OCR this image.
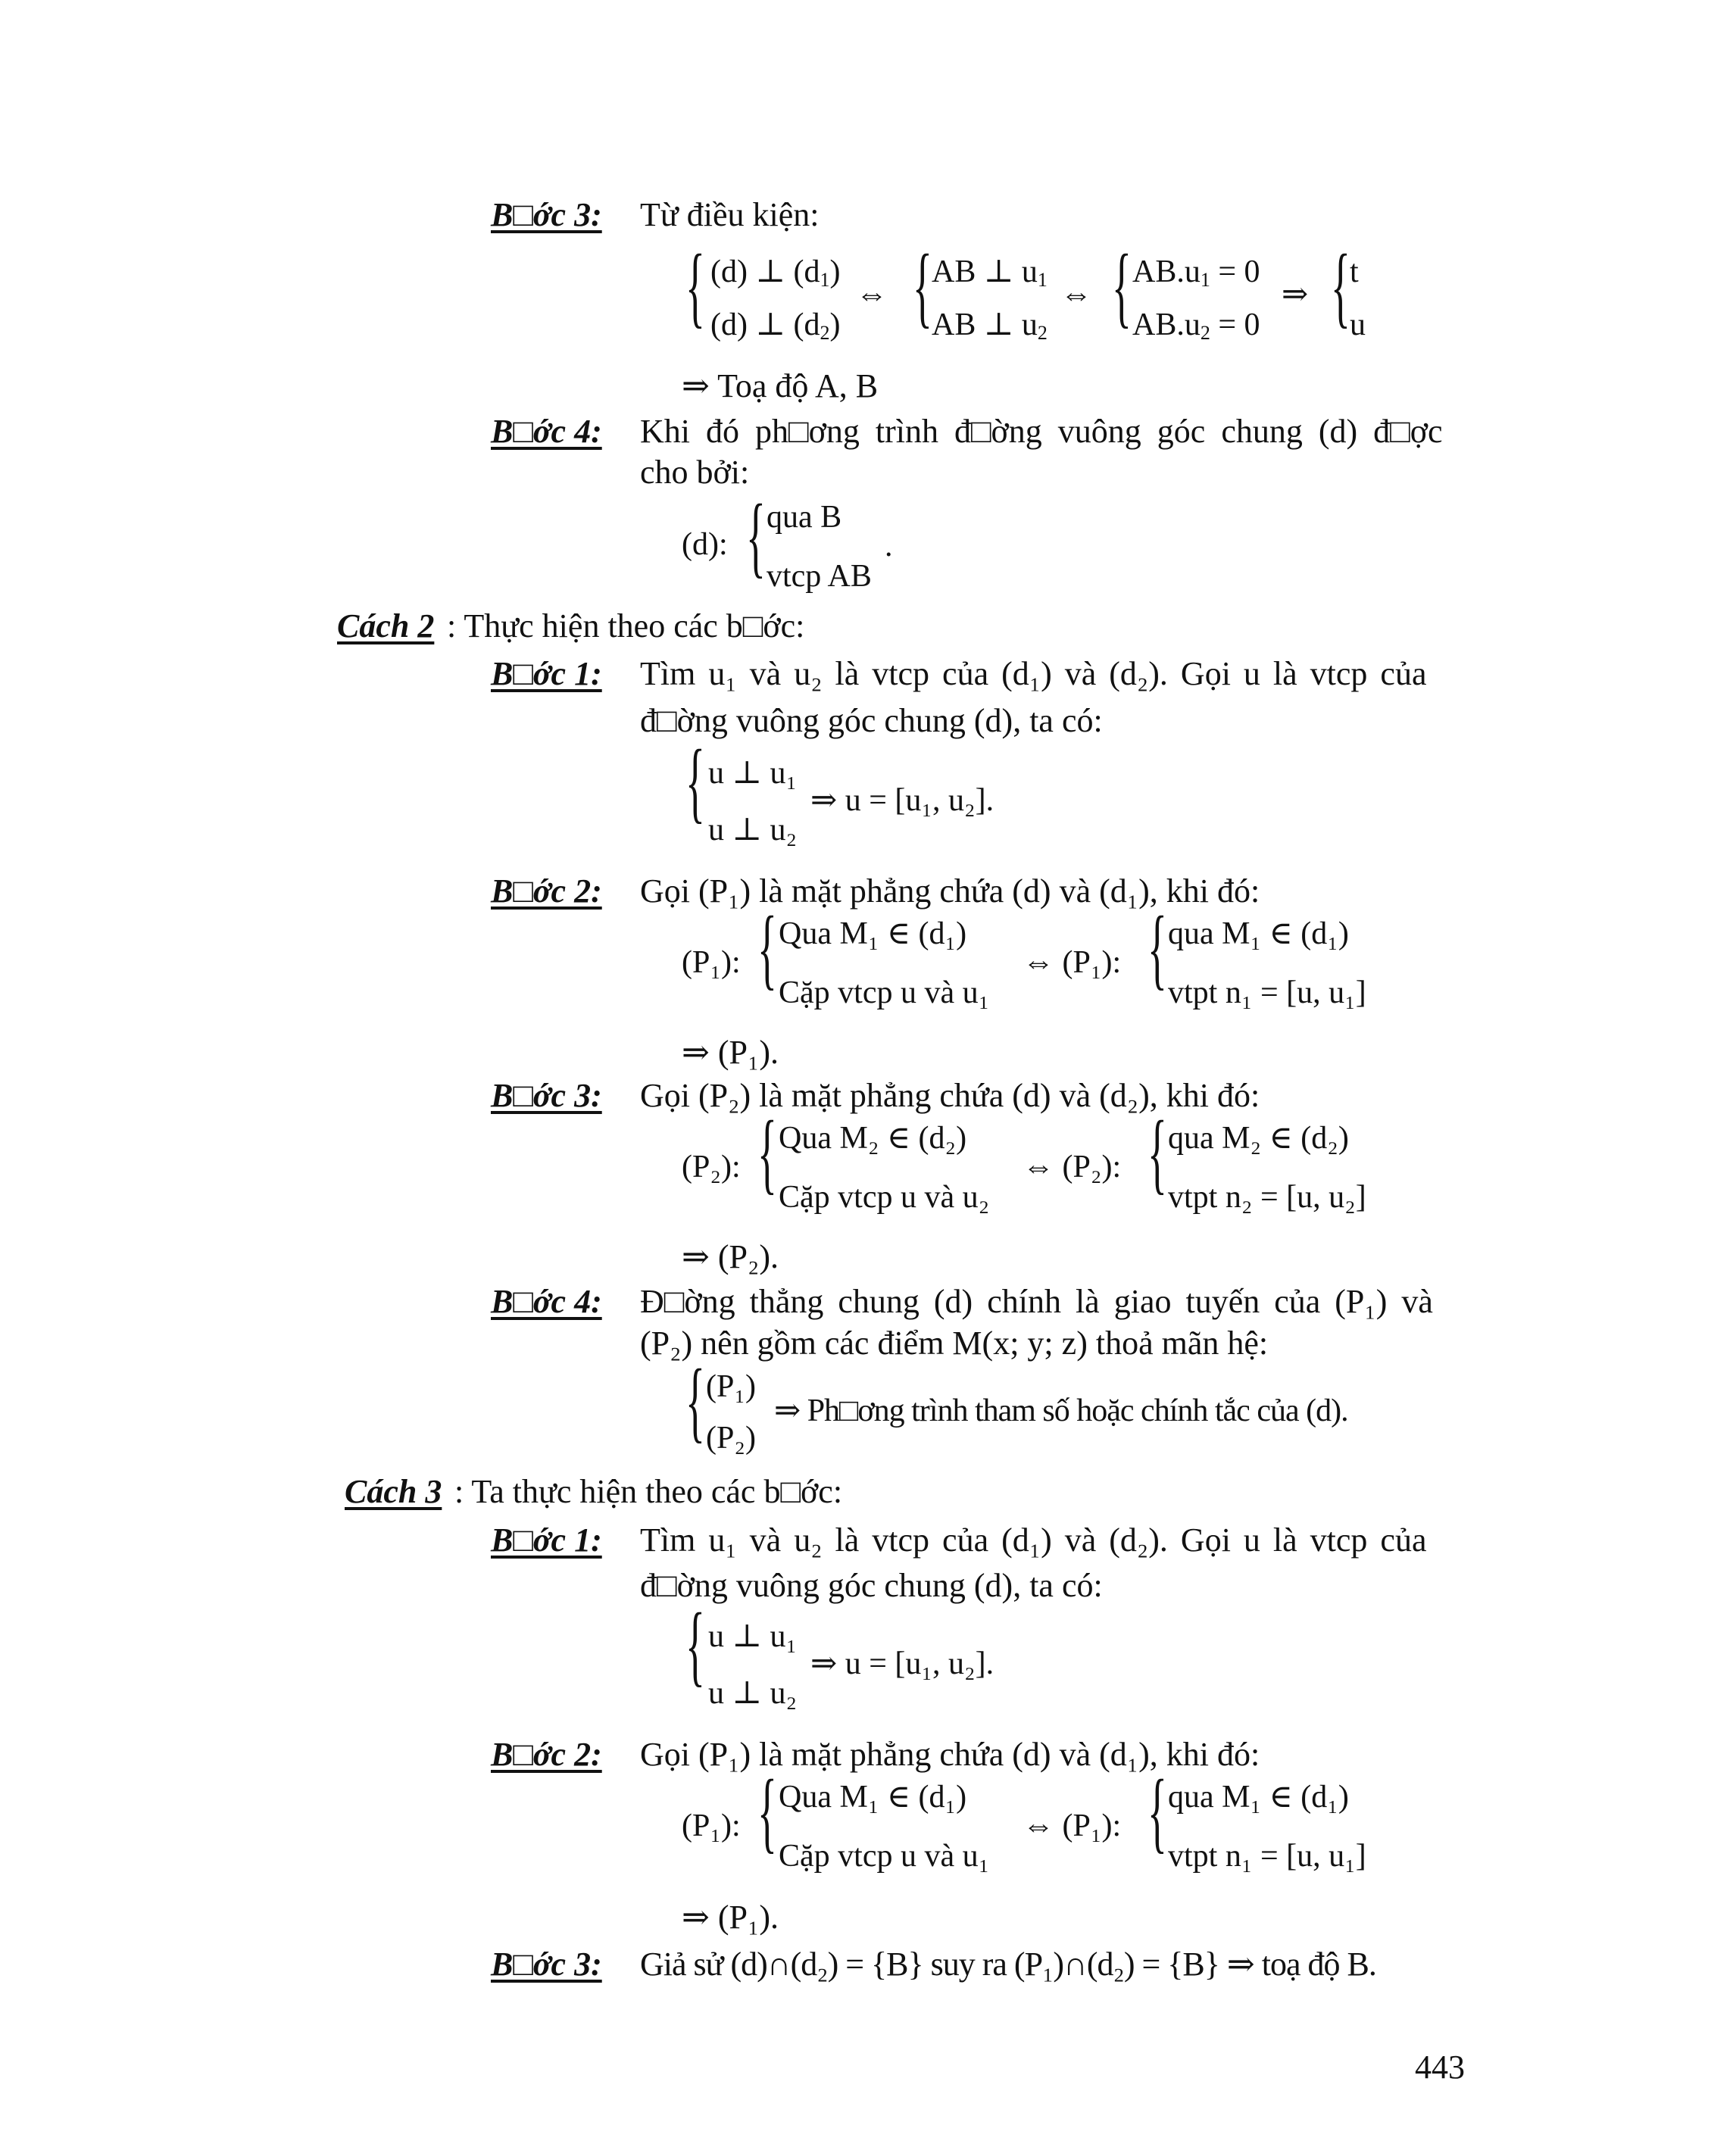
B□ớc 3: Từ điều kiện:
{ (d) ⊥ $(d_1)$
(d) ⊥ $(d_2)$
⇔ { AB ⊥ $u_1$
AB ⊥ $u_2$
⇔ { $AB.u_1 = 0$
$AB.u_2 = 0$
⇒ { t
u
⇒ Toạ độ A, B
B□ớc 4: Khi đó ph□ơng trình đ□ờng vuông góc chung (d) đ□ợc
cho bởi:
(d): { qua B
vtcp AB
.
Cách 2 : Thực hiện theo các b□ớc:
B□ớc 1: Tìm u₁ và u₂ là vtcp của (d₁) và (d₂). Gọi u là vtcp của
đ□ờng vuông góc chung (d), ta có:
{ u ⊥ u₁
u ⊥ u₂
⇒ u = [u₁, u₂].
B□ớc 2: Gọi (P₁) là mặt phẳng chứa (d) và (d₁), khi đó:
(P₁): { Qua M₁ ∈ (d₁)
Cặp vtcp u và u₁
⇔ (P₁): { qua M₁ ∈ (d₁)
vtpt n₁ = [u, u₁]
⇒ (P₁).
B□ớc 3: Gọi (P₂) là mặt phẳng chứa (d) và (d₂), khi đó:
(P₂): { Qua M₂ ∈ (d₂)
Cặp vtcp u và u₂
⇔ (P₂): { qua M₂ ∈ (d₂)
vtpt n₂ = [u, u₂]
⇒ (P₂).
B□ớc 4: Đ□ờng thẳng chung (d) chính là giao tuyến của (P₁) và
(P₂) nên gồm các điểm M(x; y; z) thoả mãn hệ:
{ (P₁)
(P₂)
⇒ Ph□ơng trình tham số hoặc chính tắc của (d).
Cách 3 : Ta thực hiện theo các b□ớc:
B□ớc 1: Tìm u₁ và u₂ là vtcp của (d₁) và (d₂). Gọi u là vtcp của
đ□ờng vuông góc chung (d), ta có:
{ u ⊥ u₁
u ⊥ u₂
⇒ u = [u₁, u₂].
B□ớc 2: Gọi (P₁) là mặt phẳng chứa (d) và (d₁), khi đó:
(P₁): { Qua M₁ ∈ (d₁)
Cặp vtcp u và u₁
⇔ (P₁): { qua M₁ ∈ (d₁)
vtpt n₁ = [u, u₁]
⇒ (P₁).
B□ớc 3: Giả sử (d)∩(d₂) = {B} suy ra (P₁)∩(d₂) = {B} ⇒ toạ độ B.
443
